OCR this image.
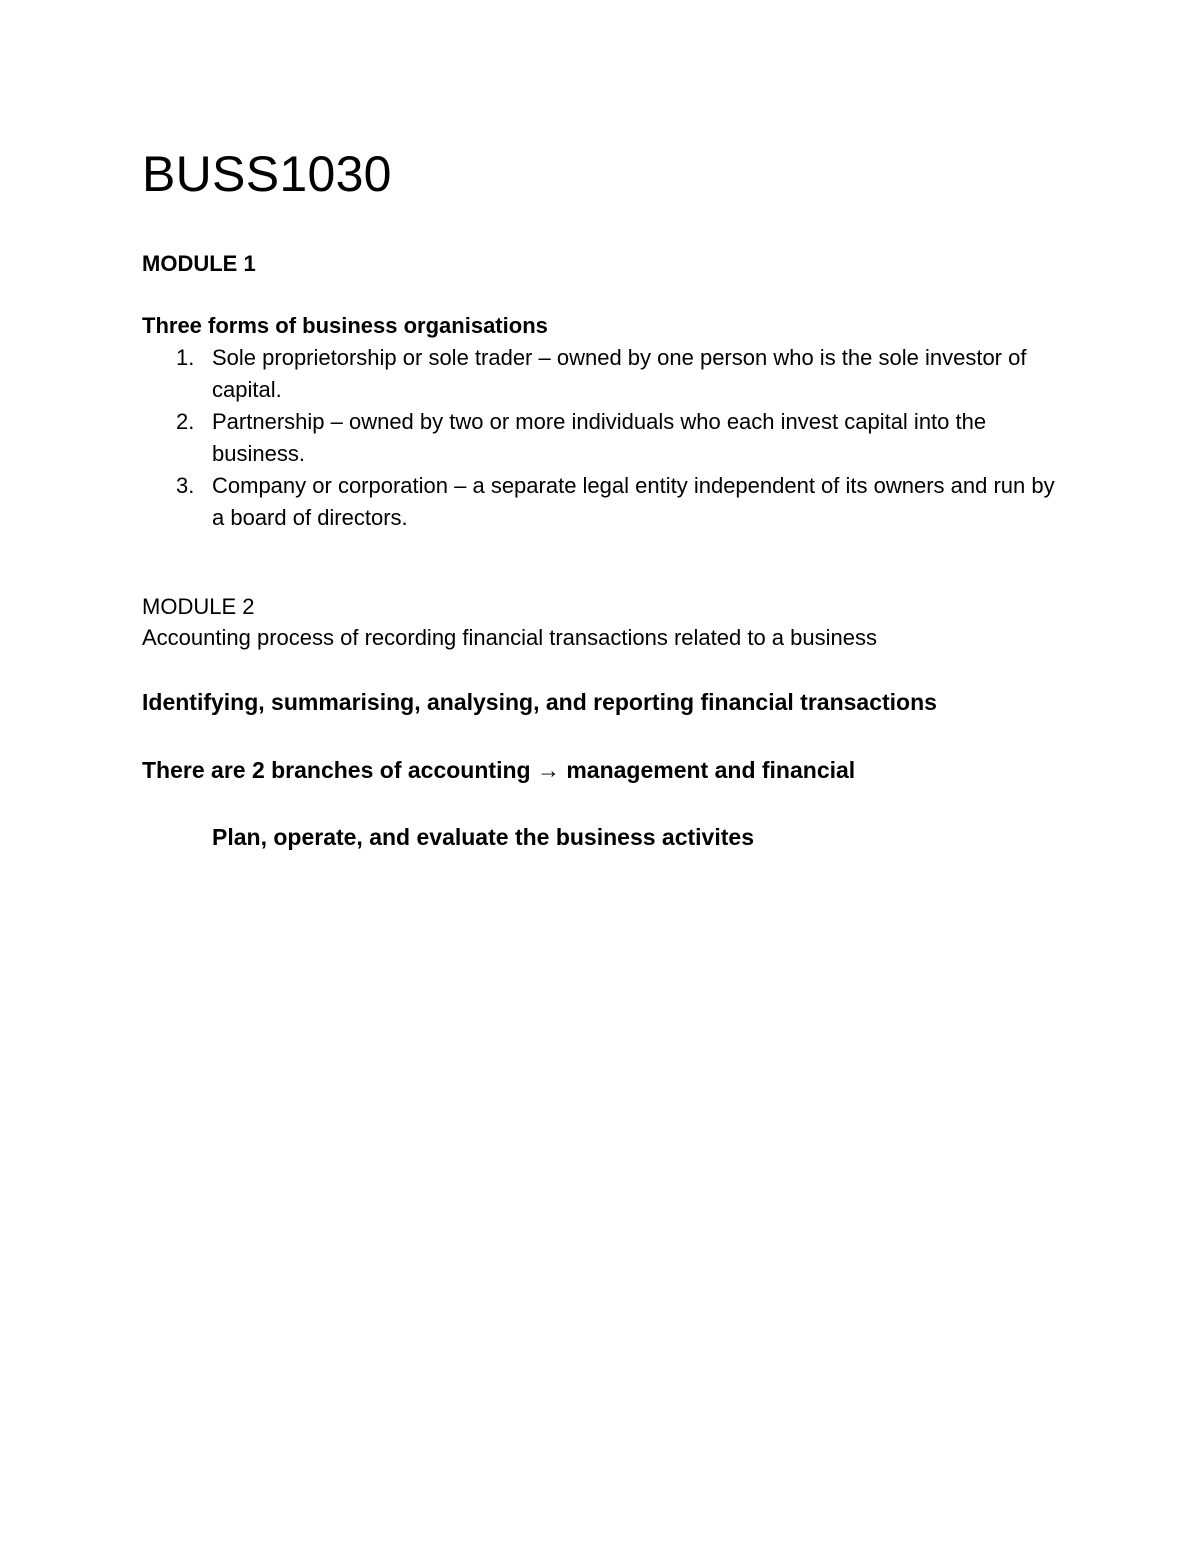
BUSS1030
MODULE 1
Three forms of business organisations
1. Sole proprietorship or sole trader – owned by one person who is the sole investor of capital.
2. Partnership – owned by two or more individuals who each invest capital into the business.
3. Company or corporation – a separate legal entity independent of its owners and run by a board of directors.
MODULE 2

Accounting process of recording financial transactions related to a business

Identifying, summarising, analysing, and reporting financial transactions

There are 2 branches of accounting → management and financial

Plan, operate, and evaluate the business activites
